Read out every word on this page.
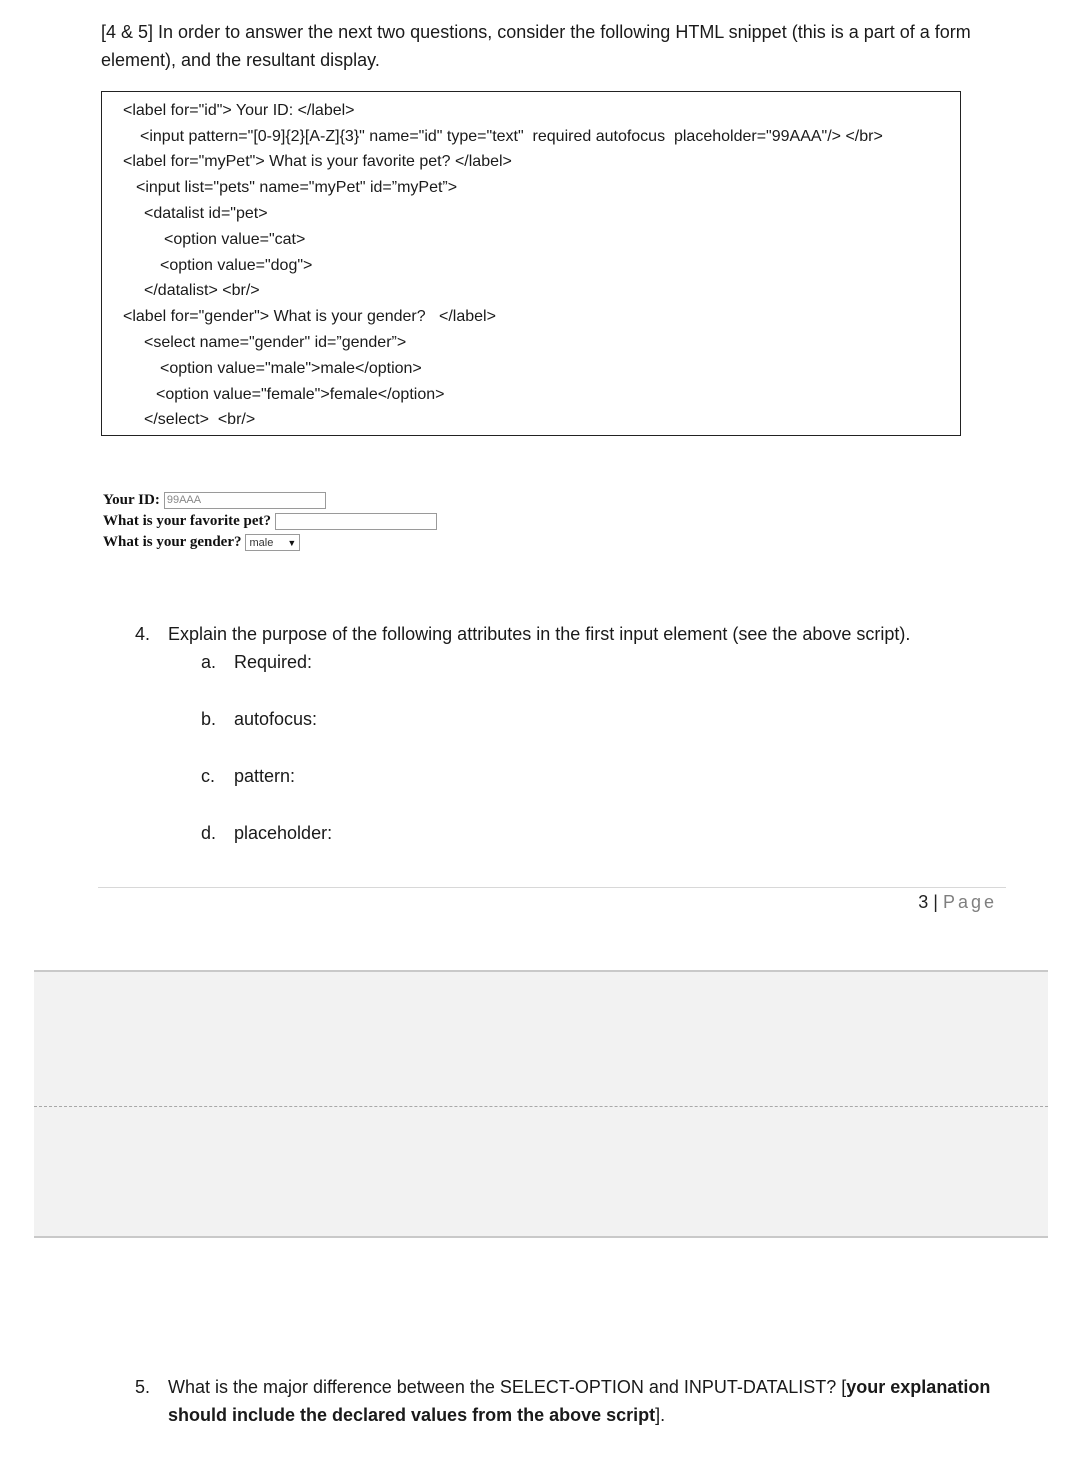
[4 & 5] In order to answer the next two questions, consider the following HTML snippet (this is a part of a form element), and the resultant display.
<label for="id"> Your ID: </label>
<input pattern="[0-9]{2}[A-Z]{3}" name="id" type="text"  required autofocus  placeholder="99AAA"/> </br>
<label for="myPet"> What is your favorite pet? </label>
<input list="pets" name="myPet" id=”myPet”>
<datalist id="pet>
<option value="cat>
<option value="dog">
</datalist> <br/>
<label for="gender"> What is your gender?   </label>
<select name="gender" id=”gender”>
<option value="male">male</option>
<option value="female">female</option>
</select>  <br/>
Your ID: 99AAA
What is your favorite pet?
What is your gender? male ▼
4. Explain the purpose of the following attributes in the first input element (see the above script).
a. Required:
b. autofocus:
c. pattern:
d. placeholder:
3 | Page
5. What is the major difference between the SELECT-OPTION and INPUT-DATALIST? [your explanation should include the declared values from the above script].
